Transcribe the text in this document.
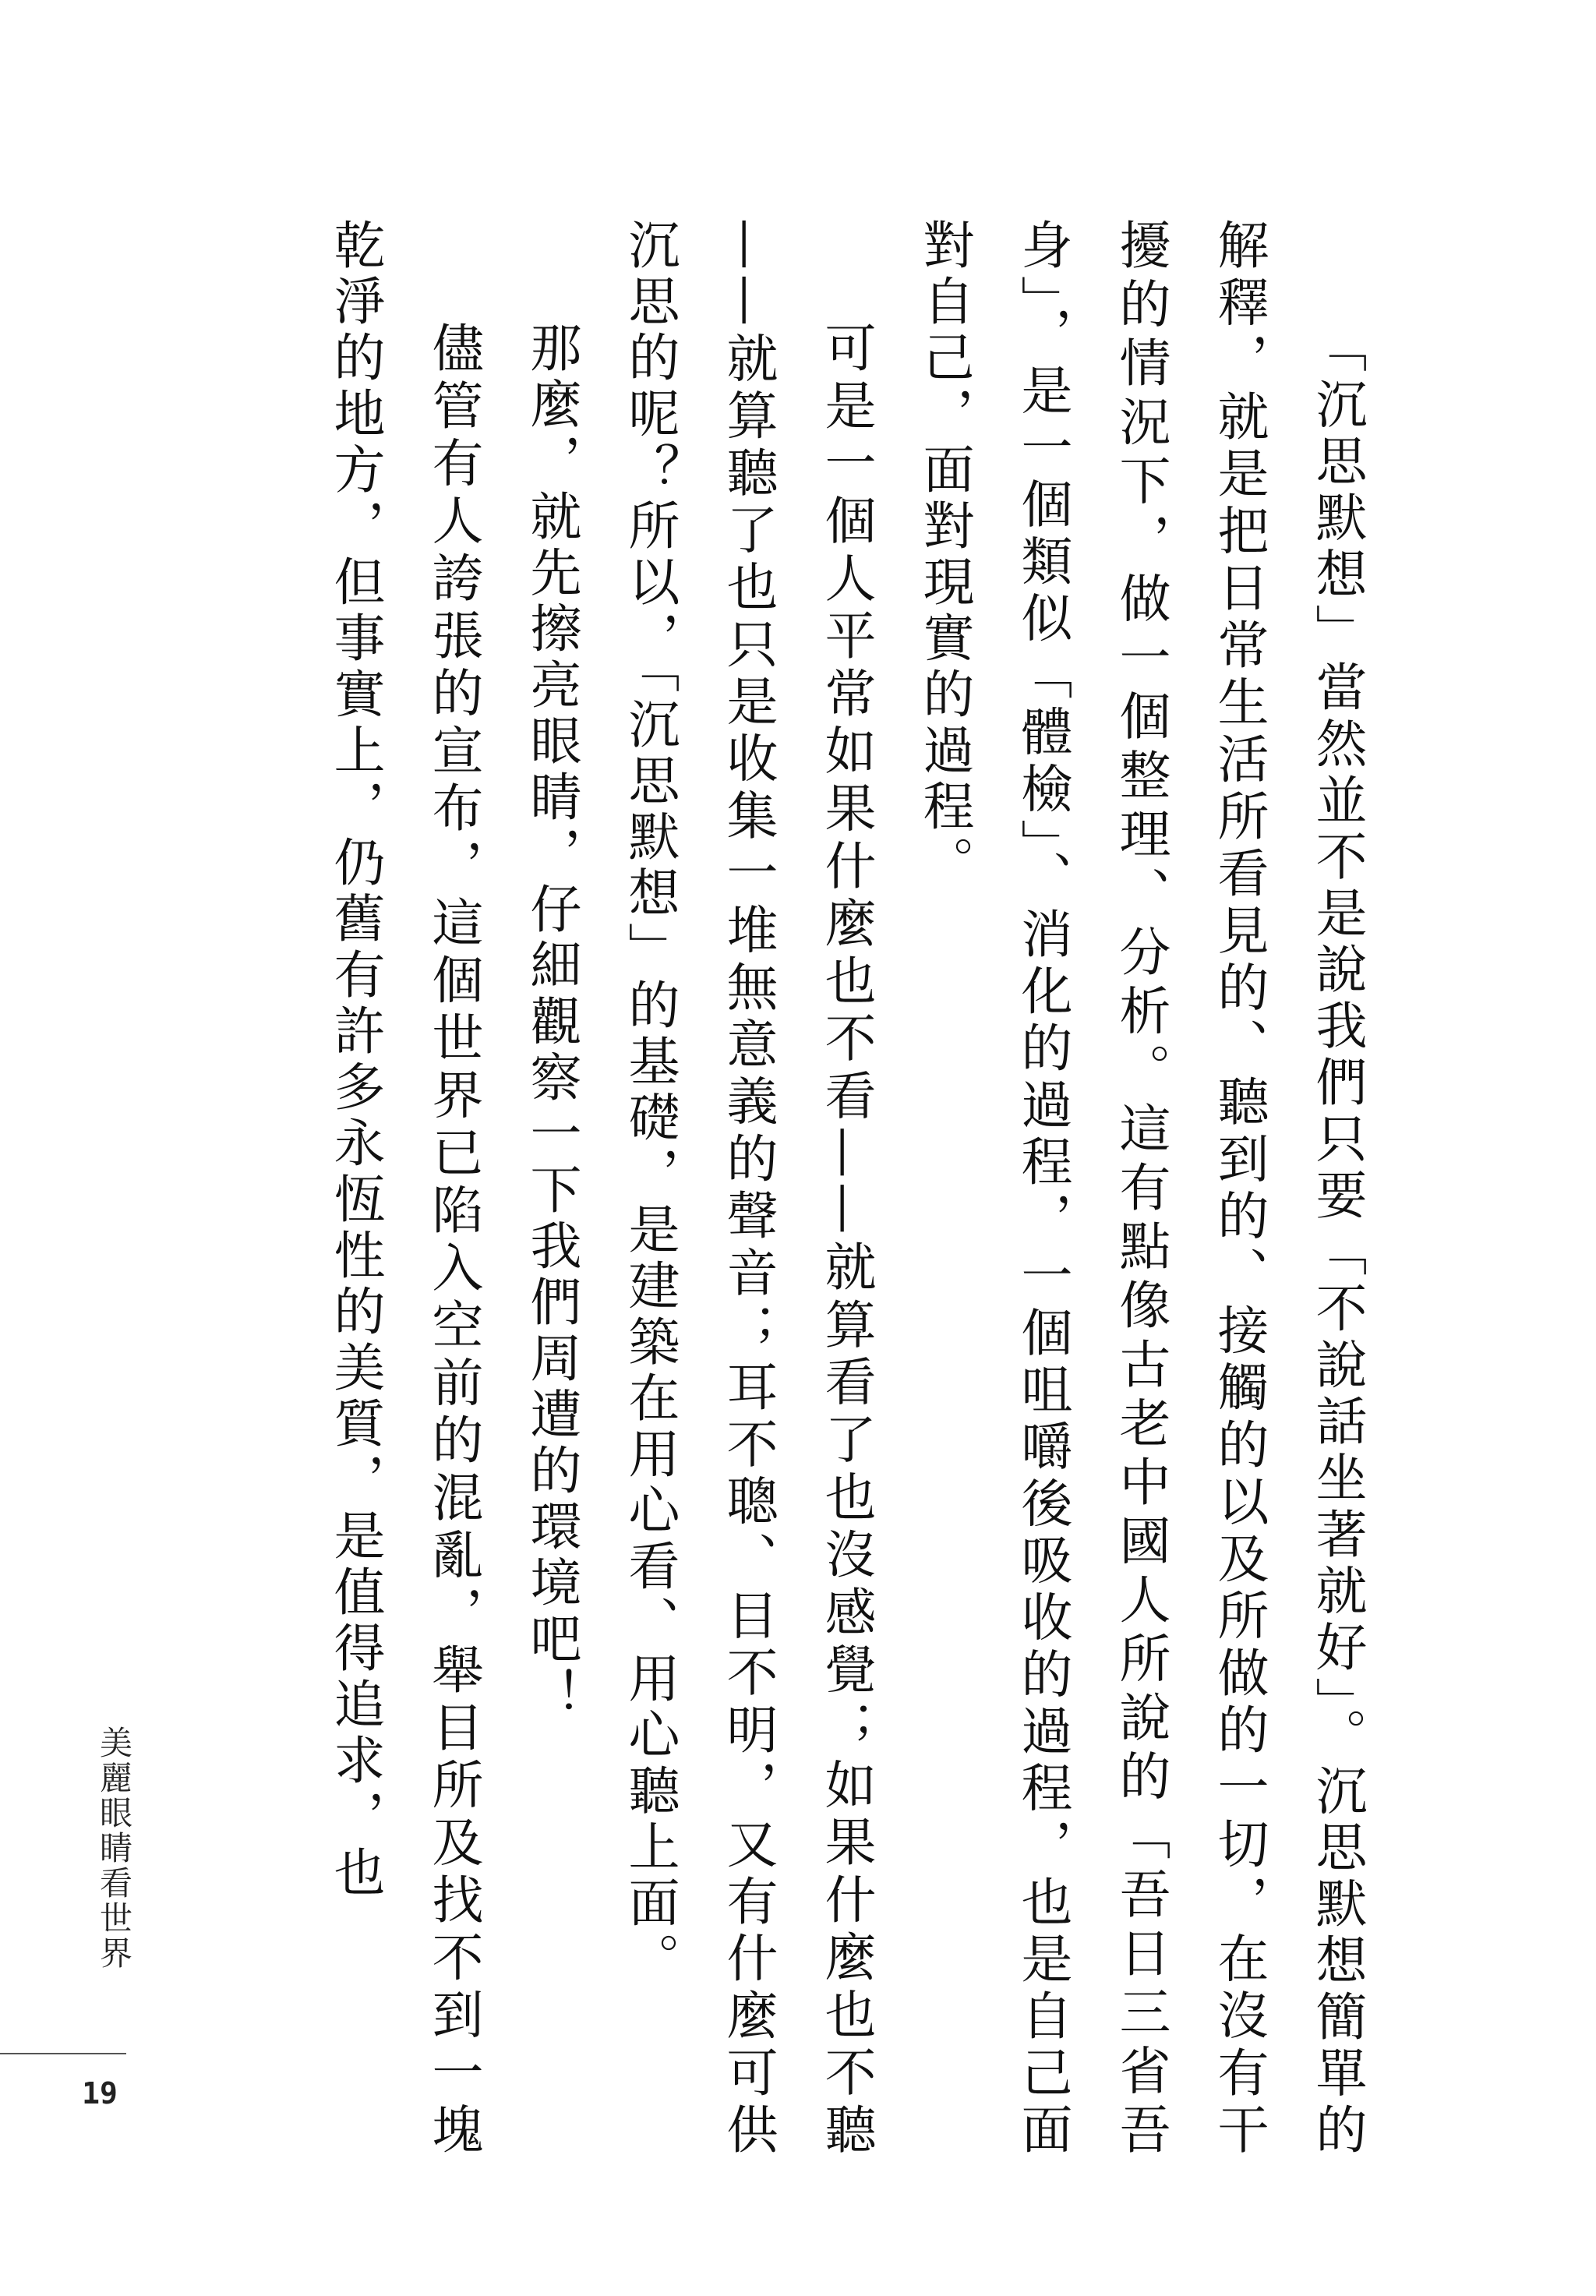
「沉思默想」當然並不是說我們只要「不說話坐著就好」。沉思默想簡單的解釋，就是把日常生活所看見的、聽到的、接觸的以及所做的一切，在沒有干擾的情況下，做一個整理、分析。這有點像古老中國人所說的「吾日三省吾身」，是一個類似「體檢」、消化的過程，一個咀嚼後吸收的過程，也是自己面對自己，面對現實的過程。

可是一個人平常如果什麼也不看——就算看了也沒感覺；如果什麼也不聽——就算聽了也只是收集一堆無意義的聲音；耳不聰、目不明，又有什麼可供沉思的呢？所以，「沉思默想」的基礎，是建築在用心看、用心聽上面。

那麼，就先擦亮眼睛，仔細觀察一下我們周遭的環境吧！

儘管有人誇張的宣布，這個世界已陷入空前的混亂，舉目所及找不到一塊乾淨的地方，但事實上，仍舊有許多永恆性的美質，是值得追求，也

美麗眼睛看世界
19
